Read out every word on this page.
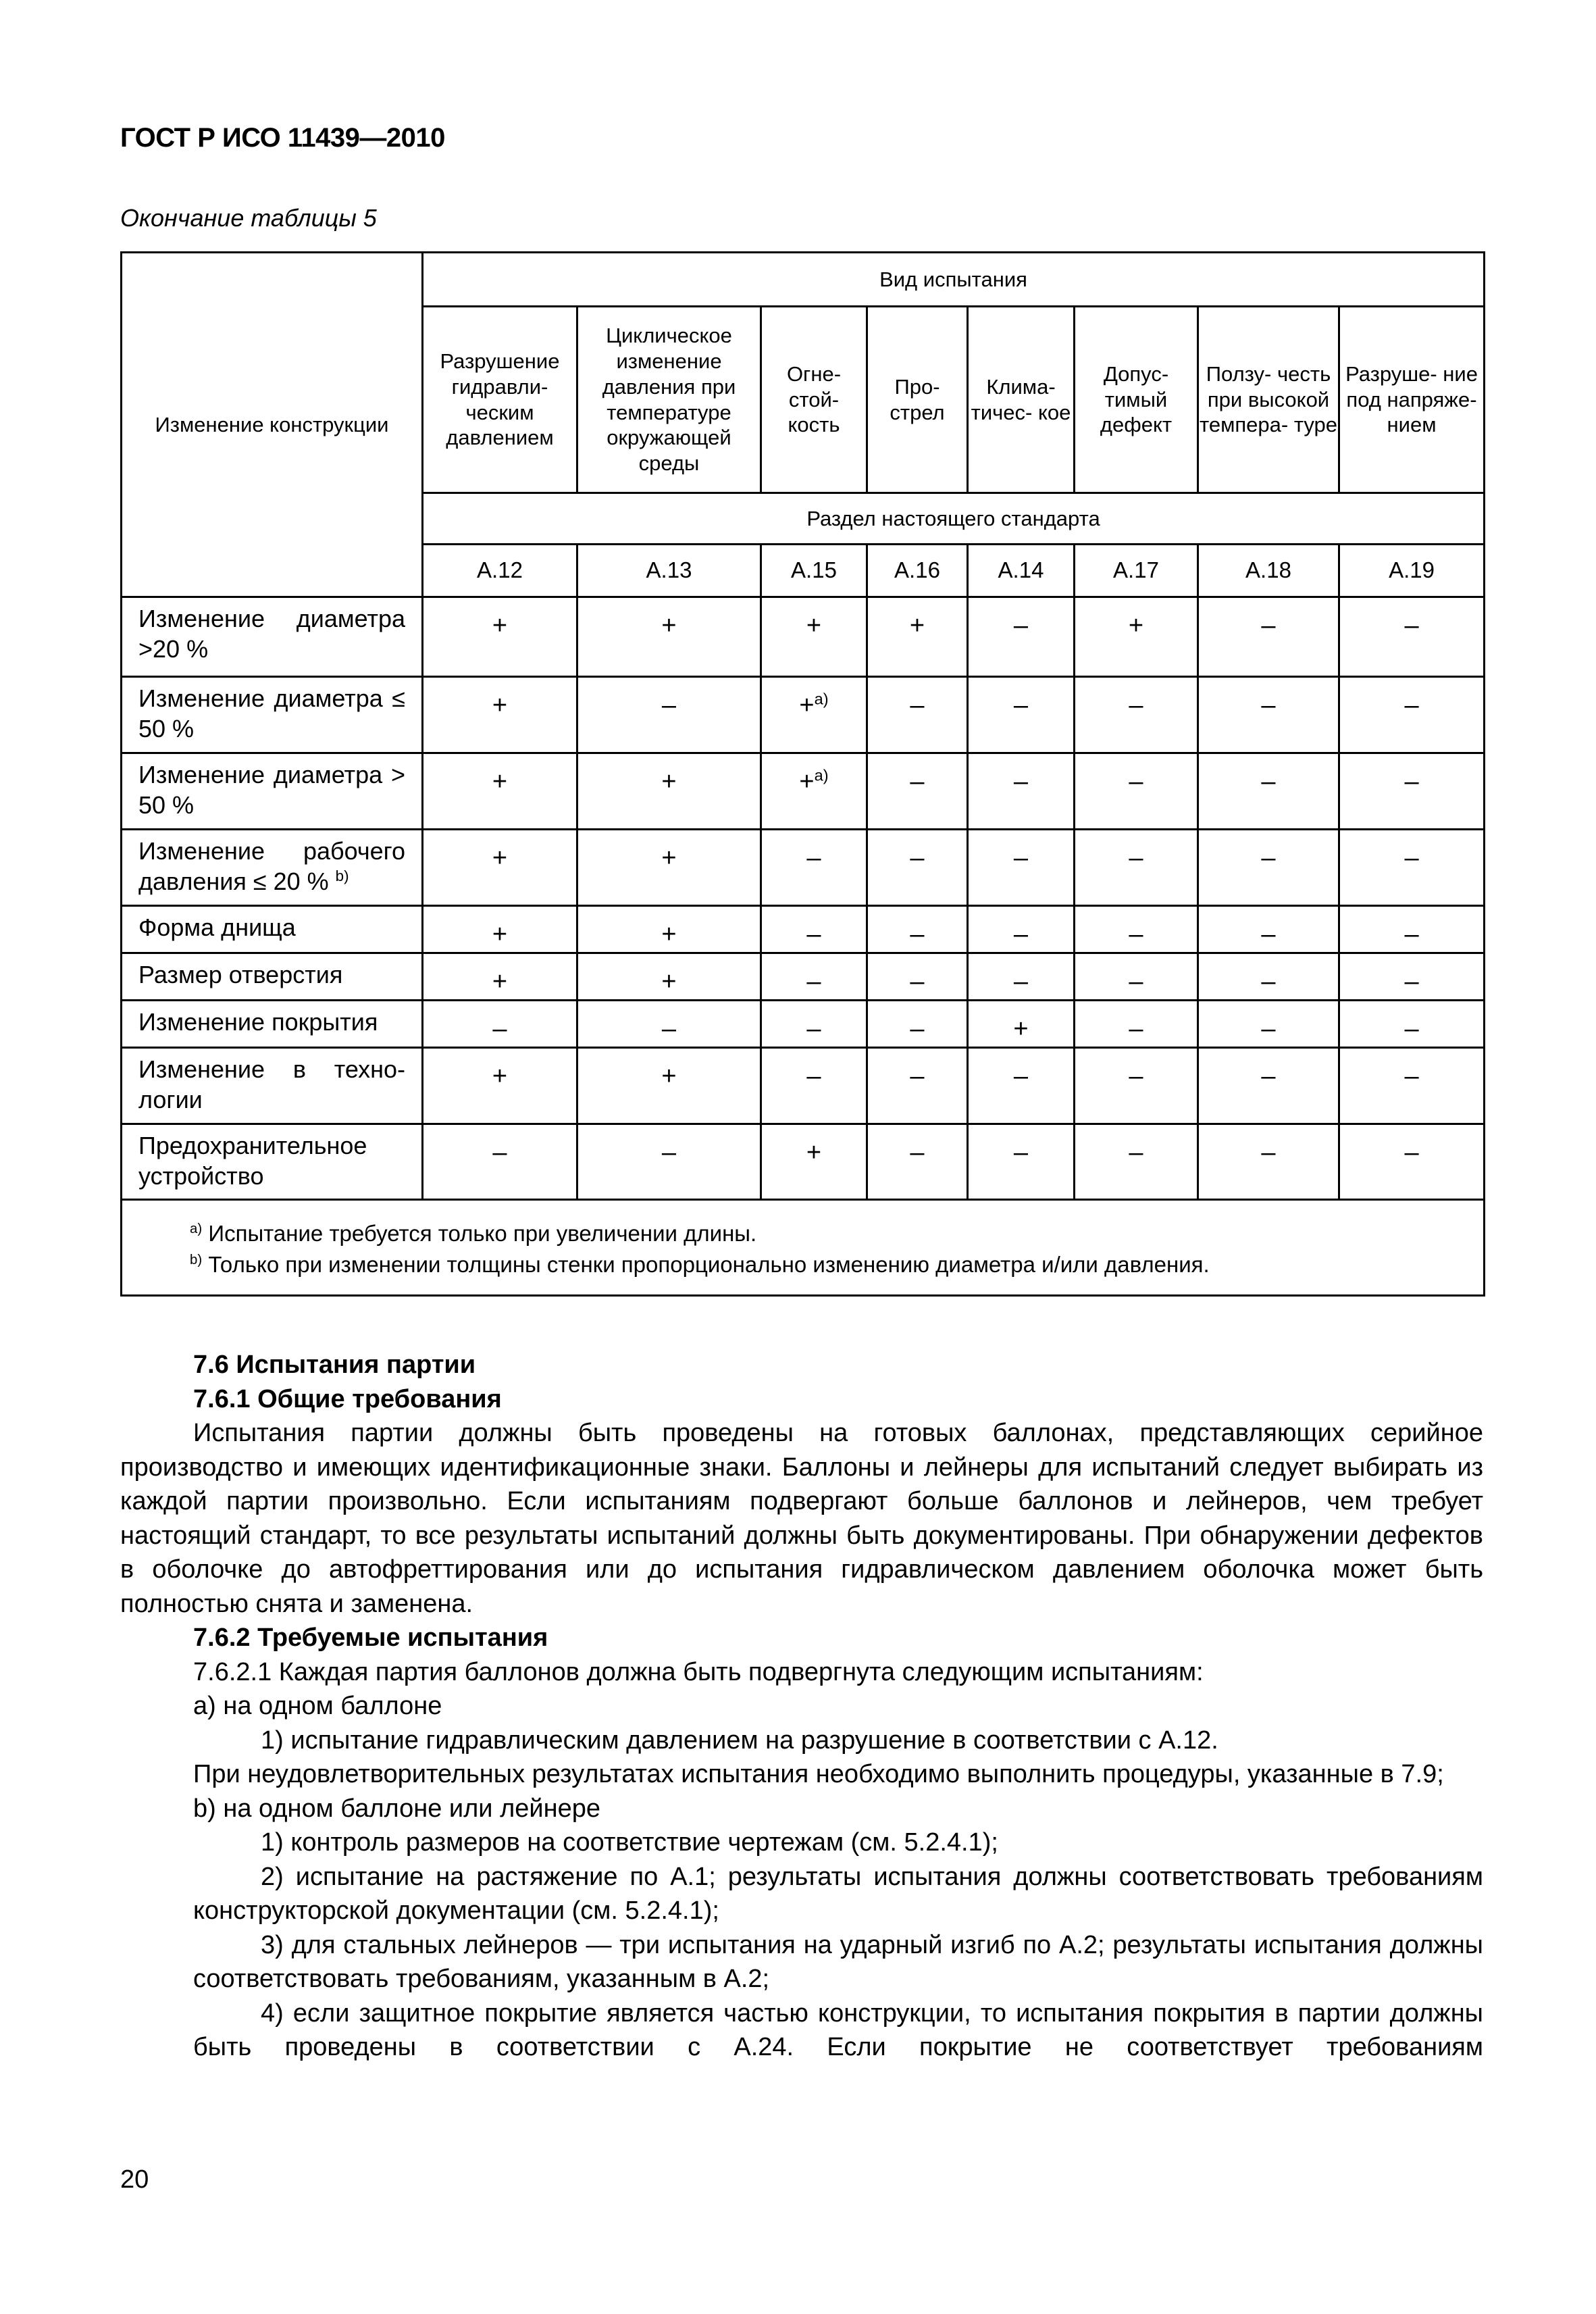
ГОСТ Р ИСО 11439—2010
Окончание таблицы 5
Изменение конструкции	Вид испытания							
	Разрушение гидравли- ческим давлением	Циклическое изменение давления при температуре окружающей среды	Огне- стой- кость	Про- стрел	Клима- тичес- кое	Допус- тимый дефект	Ползу- честь при высокой темпера- туре	Разруше- ние под напряже- нием
	Раздел настоящего стандарта							
	А.12	А.13	А.15	А.16	А.14	А.17	А.18	А.19
Изменение диаметра >20 %	+	+	+	+	–	+	–	–
Изменение диаметра ≤ 50 %	+	–	+$^{a)}$	–	–	–	–	–
Изменение диаметра > 50 %	+	+	+$^{a)}$	–	–	–	–	–
Изменение рабочего давления ≤ 20 % $^{b)}$	+	+	–	–	–	–	–	–
Форма днища	+	+	–	–	–	–	–	–
Размер отверстия	+	+	–	–	–	–	–	–
Изменение покрытия	–	–	–	–	+	–	–	–
Изменение в техно- логии	+	+	–	–	–	–	–	–
Предохранительное устройство	–	–	+	–	–	–	–	–

$^{a)}$ Испытание требуется только при увеличении длины.
$^{b)}$ Только при изменении толщины стенки пропорционально изменению диаметра и/или давления.								

7.6 Испытания партии

7.6.1 Общие требования

Испытания партии должны быть проведены на готовых баллонах, представляющих серийное производство и имеющих идентификационные знаки. Баллоны и лейнеры для испытаний следует выбирать из каждой партии произвольно. Если испытаниям подвергают больше баллонов и лейнеров, чем требует настоящий стандарт, то все результаты испытаний должны быть документированы. При обнаружении дефектов в оболочке до автофреттирования или до испытания гидравлическом давлением оболочка может быть полностью снята и заменена.

7.6.2 Требуемые испытания

7.6.2.1 Каждая партия баллонов должна быть подвергнута следующим испытаниям:

а) на одном баллоне

1) испытание гидравлическим давлением на разрушение в соответствии с А.12.

При неудовлетворительных результатах испытания необходимо выполнить процедуры, указанные в 7.9;

b) на одном баллоне или лейнере

1) контроль размеров на соответствие чертежам (см. 5.2.4.1);

2) испытание на растяжение по А.1; результаты испытания должны соответствовать требованиям конструкторской документации (см. 5.2.4.1);

3) для стальных лейнеров — три испытания на ударный изгиб по А.2; результаты испытания должны соответствовать требованиям, указанным в А.2;

4) если защитное покрытие является частью конструкции, то испытания покрытия в партии должны быть проведены в соответствии с А.24. Если покрытие не соответствует требованиям

20
